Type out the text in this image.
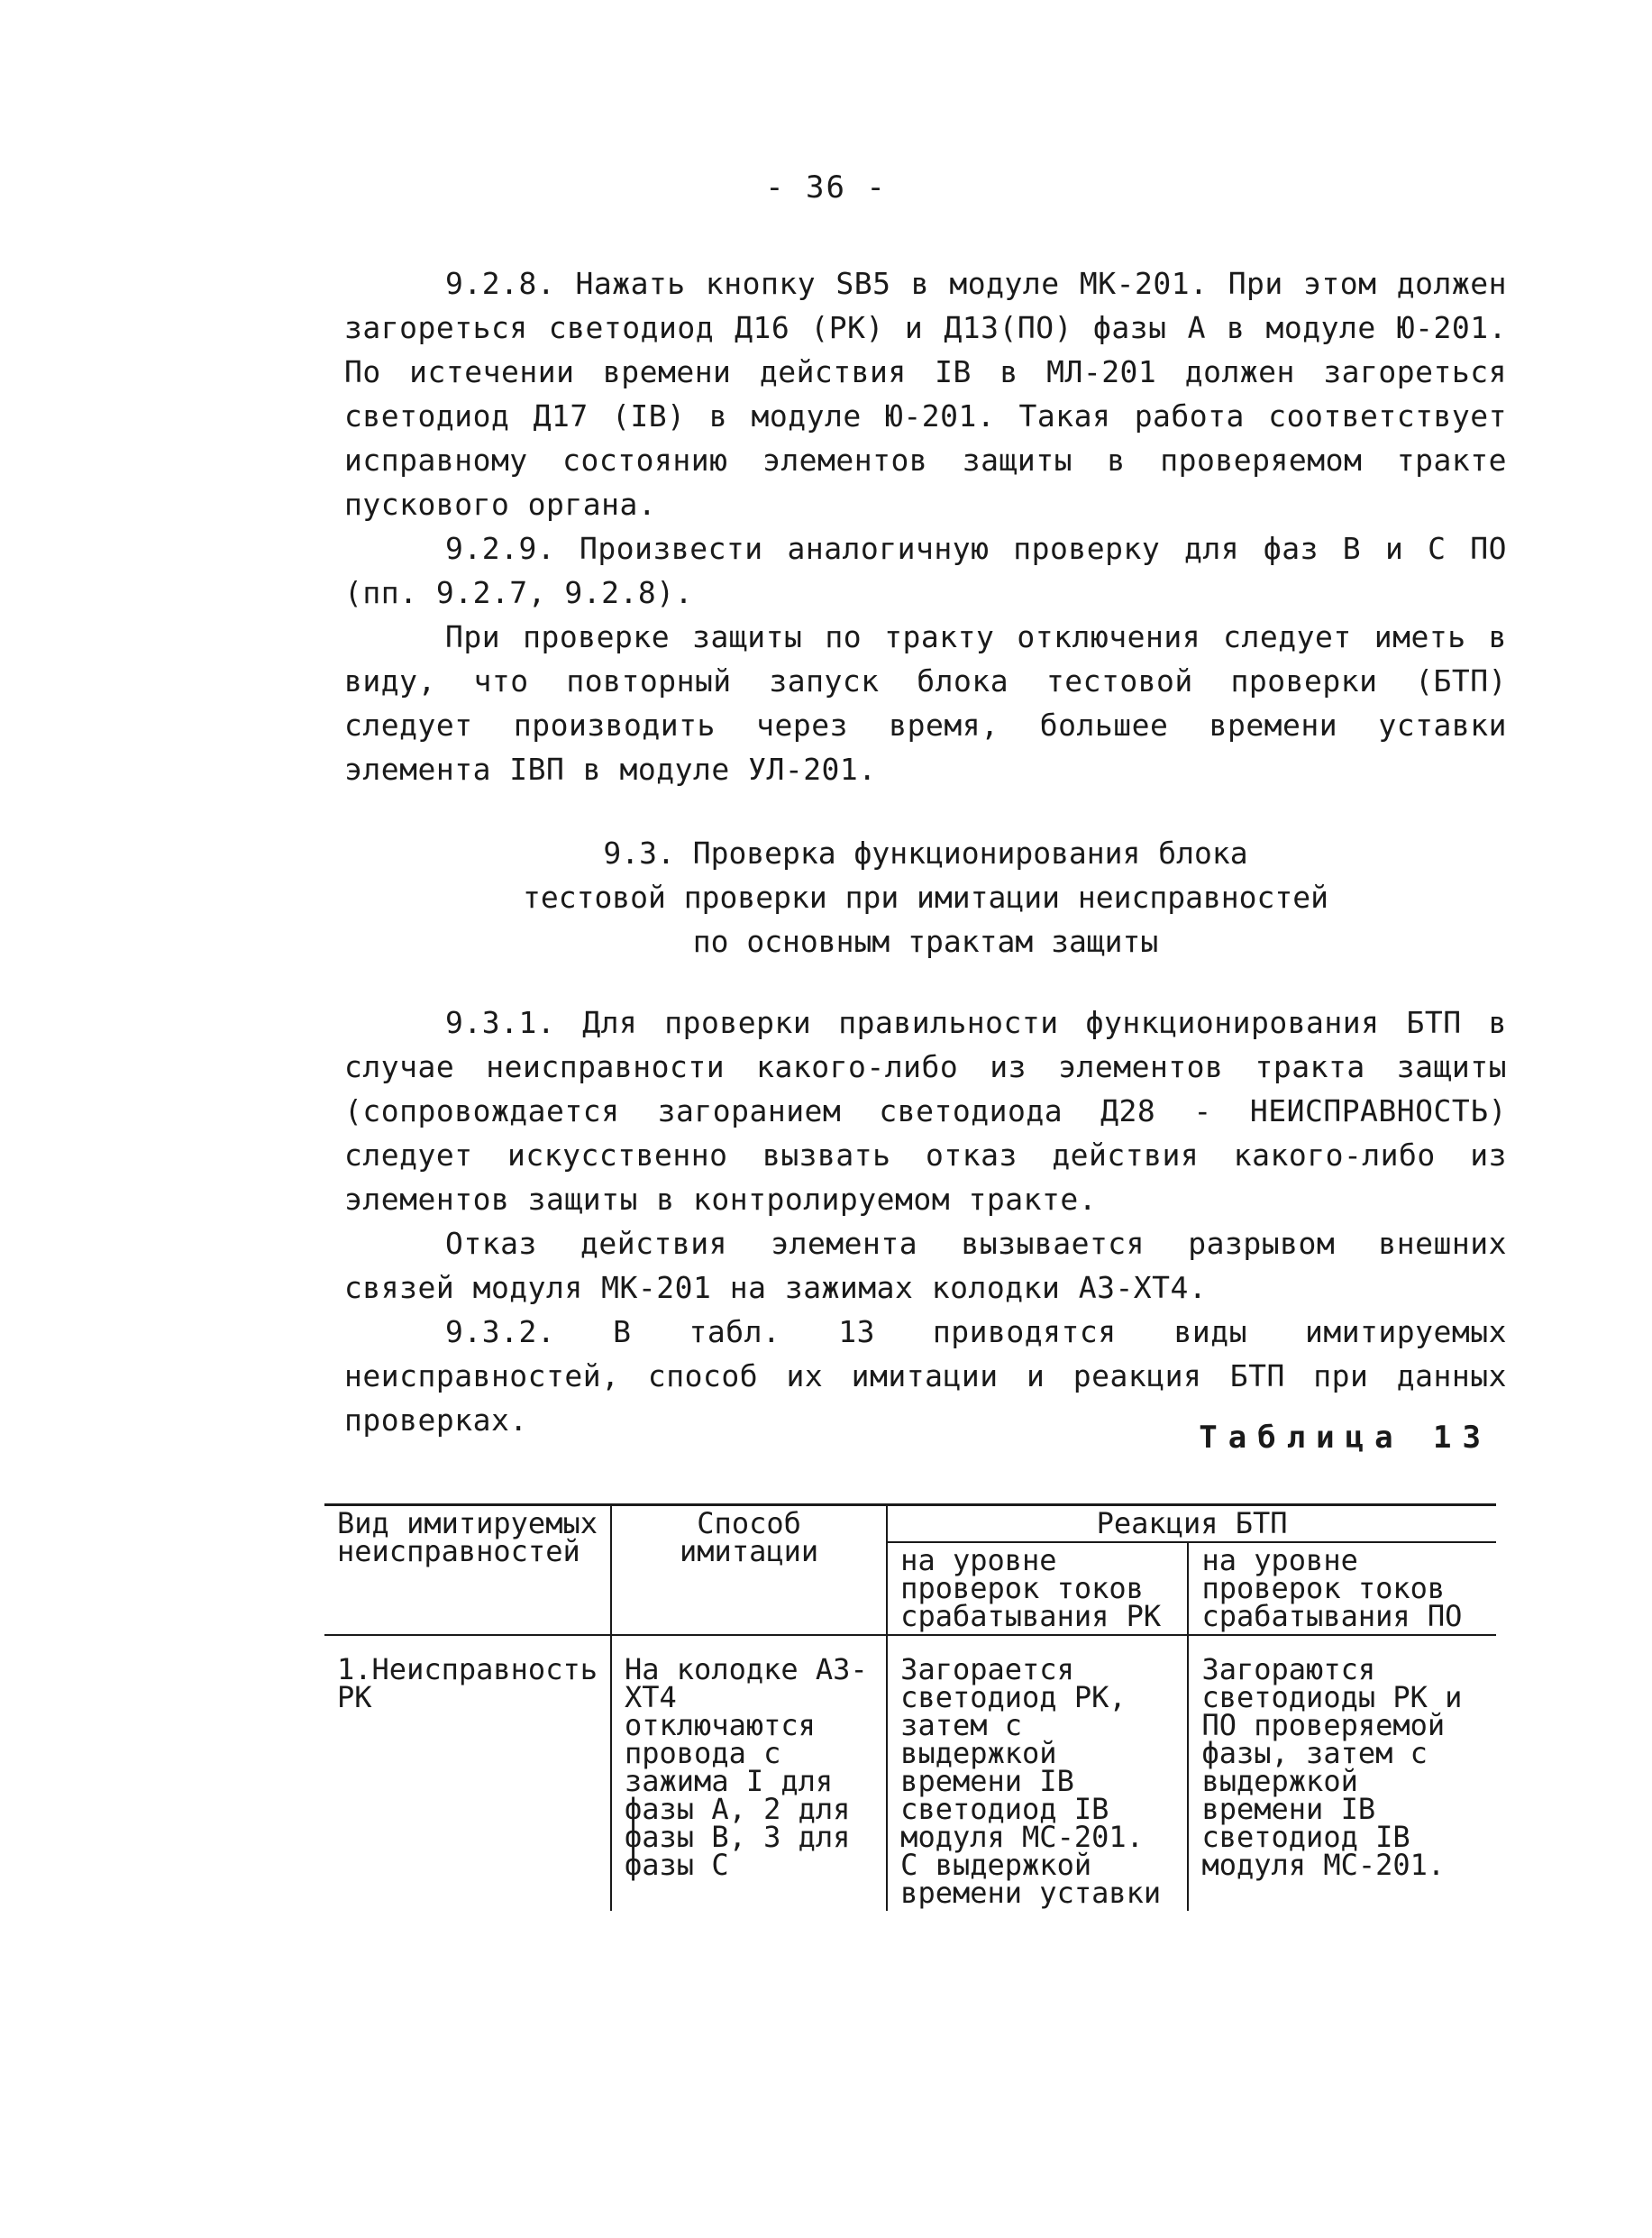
- 36 -

9.2.8. Нажать кнопку SB5 в модуле МК-201. При этом должен загореться светодиод Д16 (РК) и Д13(ПО) фазы А в модуле Ю-201. По истечении времени действия IВ в МЛ-201 должен загореться светодиод Д17 (IВ) в модуле Ю-201. Такая работа соответствует исправному состоянию элементов защиты в проверяемом тракте пускового органа.

9.2.9. Произвести аналогичную проверку для фаз В и С ПО (пп. 9.2.7, 9.2.8).

При проверке защиты по тракту отключения следует иметь в виду, что повторный запуск блока тестовой проверки (БТП) следует производить через время, большее времени уставки элемента IВП в модуле УЛ-201.

9.3. Проверка функционирования блока
тестовой проверки при имитации неисправностей
по основным трактам защиты

9.3.1. Для проверки правильности функционирования БТП в случае неисправности какого-либо из элементов тракта защиты (сопровождается загоранием светодиода Д28 - НЕИСПРАВНОСТЬ) следует искусственно вызвать отказ действия какого-либо из элементов защиты в контролируемом тракте.

Отказ действия элемента вызывается разрывом внешних связей модуля МК-201 на зажимах колодки АЗ-ХТ4.

9.3.2. В табл. 13 приводятся виды имитируемых неисправностей, способ их имитации и реакция БТП при данных проверках.	Таблица 13
Вид имитируемых неисправностей	Способ имитации	Реакция БТП	
		на уровне проверок токов срабатывания РК	на уровне проверок токов срабатывания ПО
1.Неисправность РК	На колодке АЗ-ХТ4 отключаются провода с зажима I для фазы А, 2 для фазы В, 3 для фазы С	Загорается светодиод РК, затем с выдержкой времени IВ светодиод IВ модуля МС-201. С выдержкой времени уставки	Загораются светодиоды РК и ПО проверяемой фазы, затем с выдержкой времени IВ светодиод IВ модуля МС-201.
